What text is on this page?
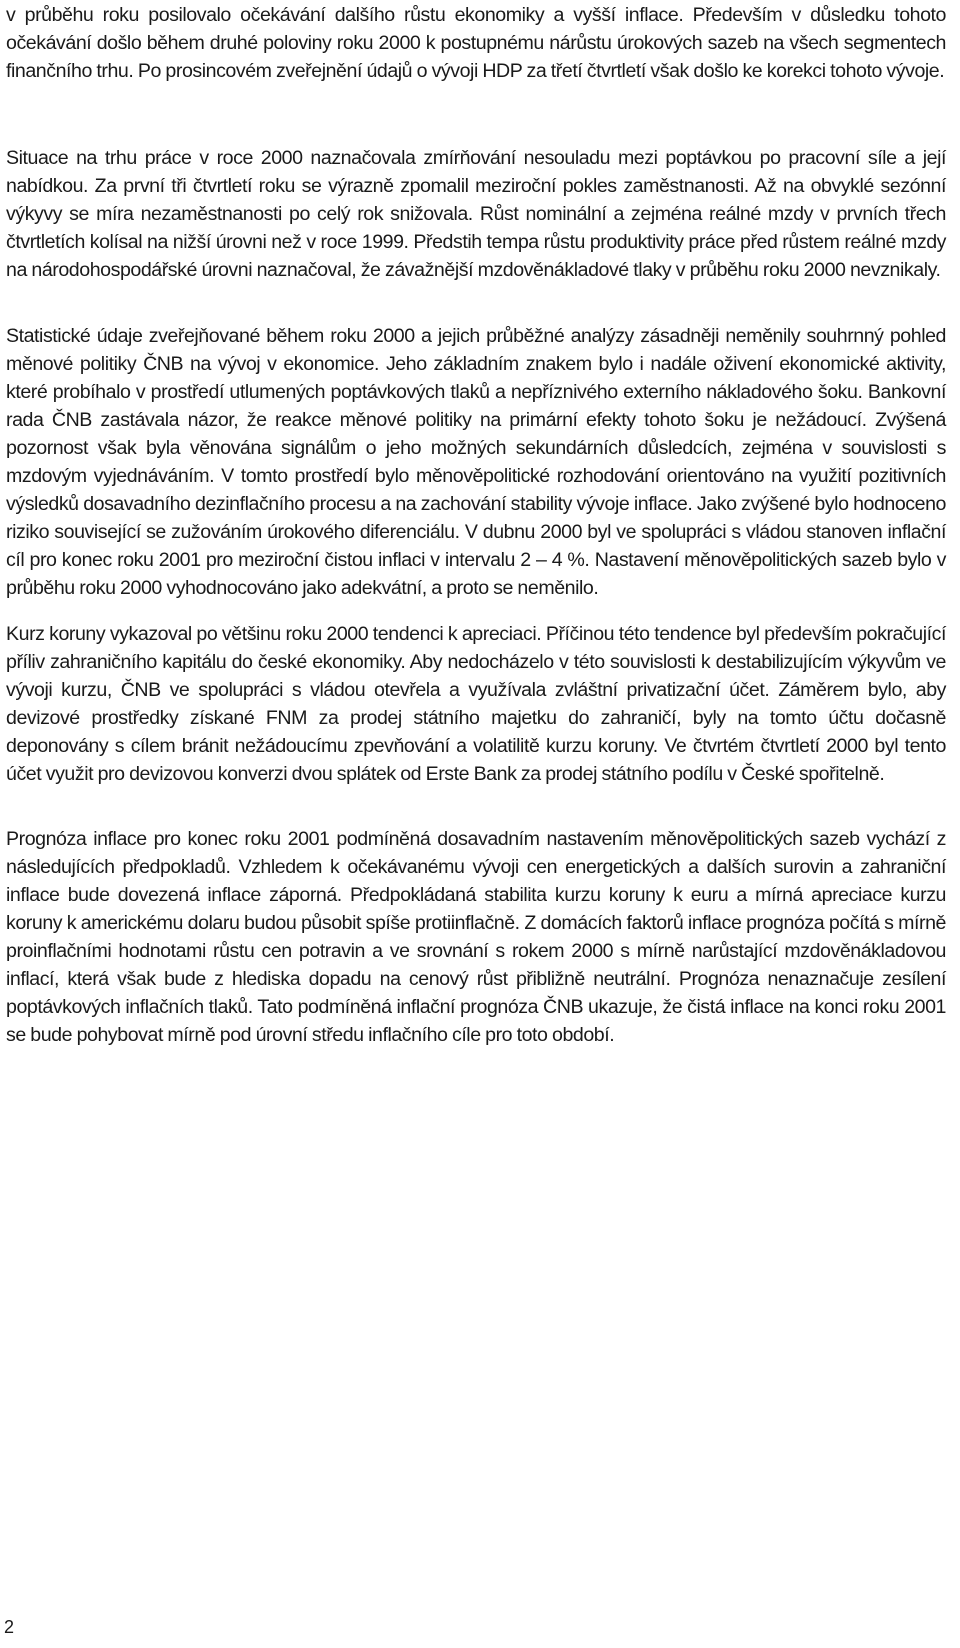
v průběhu roku posilovalo očekávání dalšího růstu ekonomiky a vyšší inflace. Především v důsledku tohoto očekávání došlo během druhé poloviny roku 2000 k postupnému nárůstu úrokových sazeb na všech segmentech finančního trhu. Po prosincovém zveřejnění údajů o vývoji HDP za třetí čtvrtletí však došlo ke korekci tohoto vývoje.

Situace na trhu práce v roce 2000 naznačovala zmírňování nesouladu mezi poptávkou po pracovní síle a její nabídkou. Za první tři čtvrtletí roku se výrazně zpomalil meziroční pokles zaměstnanosti. Až na obvyklé sezónní výkyvy se míra nezaměstnanosti po celý rok snižovala. Růst nominální a zejména reálné mzdy v prvních třech čtvrtletích kolísal na nižší úrovni než v roce 1999. Předstih tempa růstu produktivity práce před růstem reálné mzdy na národohospodářské úrovni naznačoval, že závažnější mzdověnákladové tlaky v průběhu roku 2000 nevznikaly.

Statistické údaje zveřejňované během roku 2000 a jejich průběžné analýzy zásadněji neměnily souhrnný pohled měnové politiky ČNB na vývoj v ekonomice. Jeho základním znakem bylo i nadále oživení ekonomické aktivity, které probíhalo v prostředí utlumených poptávkových tlaků a nepříznivého externího nákladového šoku. Bankovní rada ČNB zastávala názor, že reakce měnové politiky na primární efekty tohoto šoku je nežádoucí. Zvýšená pozornost však byla věnována signálům o jeho možných sekundárních důsledcích, zejména v souvislosti s mzdovým vyjednáváním. V tomto prostředí bylo měnověpolitické rozhodování orientováno na využití pozitivních výsledků dosavadního dezinflačního procesu a na zachování stability vývoje inflace. Jako zvýšené bylo hodnoceno riziko související se zužováním úrokového diferenciálu. V dubnu 2000 byl ve spolupráci s vládou stanoven inflační cíl pro konec roku 2001 pro meziroční čistou inflaci v intervalu 2 – 4 %. Nastavení měnověpolitických sazeb bylo v průběhu roku 2000 vyhodnocováno jako adekvátní, a proto se neměnilo.

Kurz koruny vykazoval po většinu roku 2000 tendenci k apreciaci. Příčinou této tendence byl především pokračující příliv zahraničního kapitálu do české ekonomiky. Aby nedocházelo v této souvislosti k destabilizujícím výkyvům ve vývoji kurzu, ČNB ve spolupráci s vládou otevřela a využívala zvláštní privatizační účet. Záměrem bylo, aby devizové prostředky získané FNM za prodej státního majetku do zahraničí, byly na tomto účtu dočasně deponovány s cílem bránit nežádoucímu zpevňování a volatilitě kurzu koruny. Ve čtvrtém čtvrtletí 2000 byl tento účet využit pro devizovou konverzi dvou splátek od Erste Bank za prodej státního podílu v České spořitelně.

Prognóza inflace pro konec roku 2001 podmíněná dosavadním nastavením měnověpolitických sazeb vychází z následujících předpokladů. Vzhledem k očekávanému vývoji cen energetických a dalších surovin a zahraniční inflace bude dovezená inflace záporná. Předpokládaná stabilita kurzu koruny k euru a mírná apreciace kurzu koruny k americkému dolaru budou působit spíše protiinflačně. Z domácích faktorů inflace prognóza počítá s mírně proinflačními hodnotami růstu cen potravin a ve srovnání s rokem 2000 s mírně narůstající mzdověnákladovou inflací, která však bude z hlediska dopadu na cenový růst přibližně neutrální. Prognóza nenaznačuje zesílení poptávkových inflačních tlaků. Tato podmíněná inflační prognóza ČNB ukazuje, že čistá inflace na konci roku 2001 se bude pohybovat mírně pod úrovní středu inflačního cíle pro toto období.

2
